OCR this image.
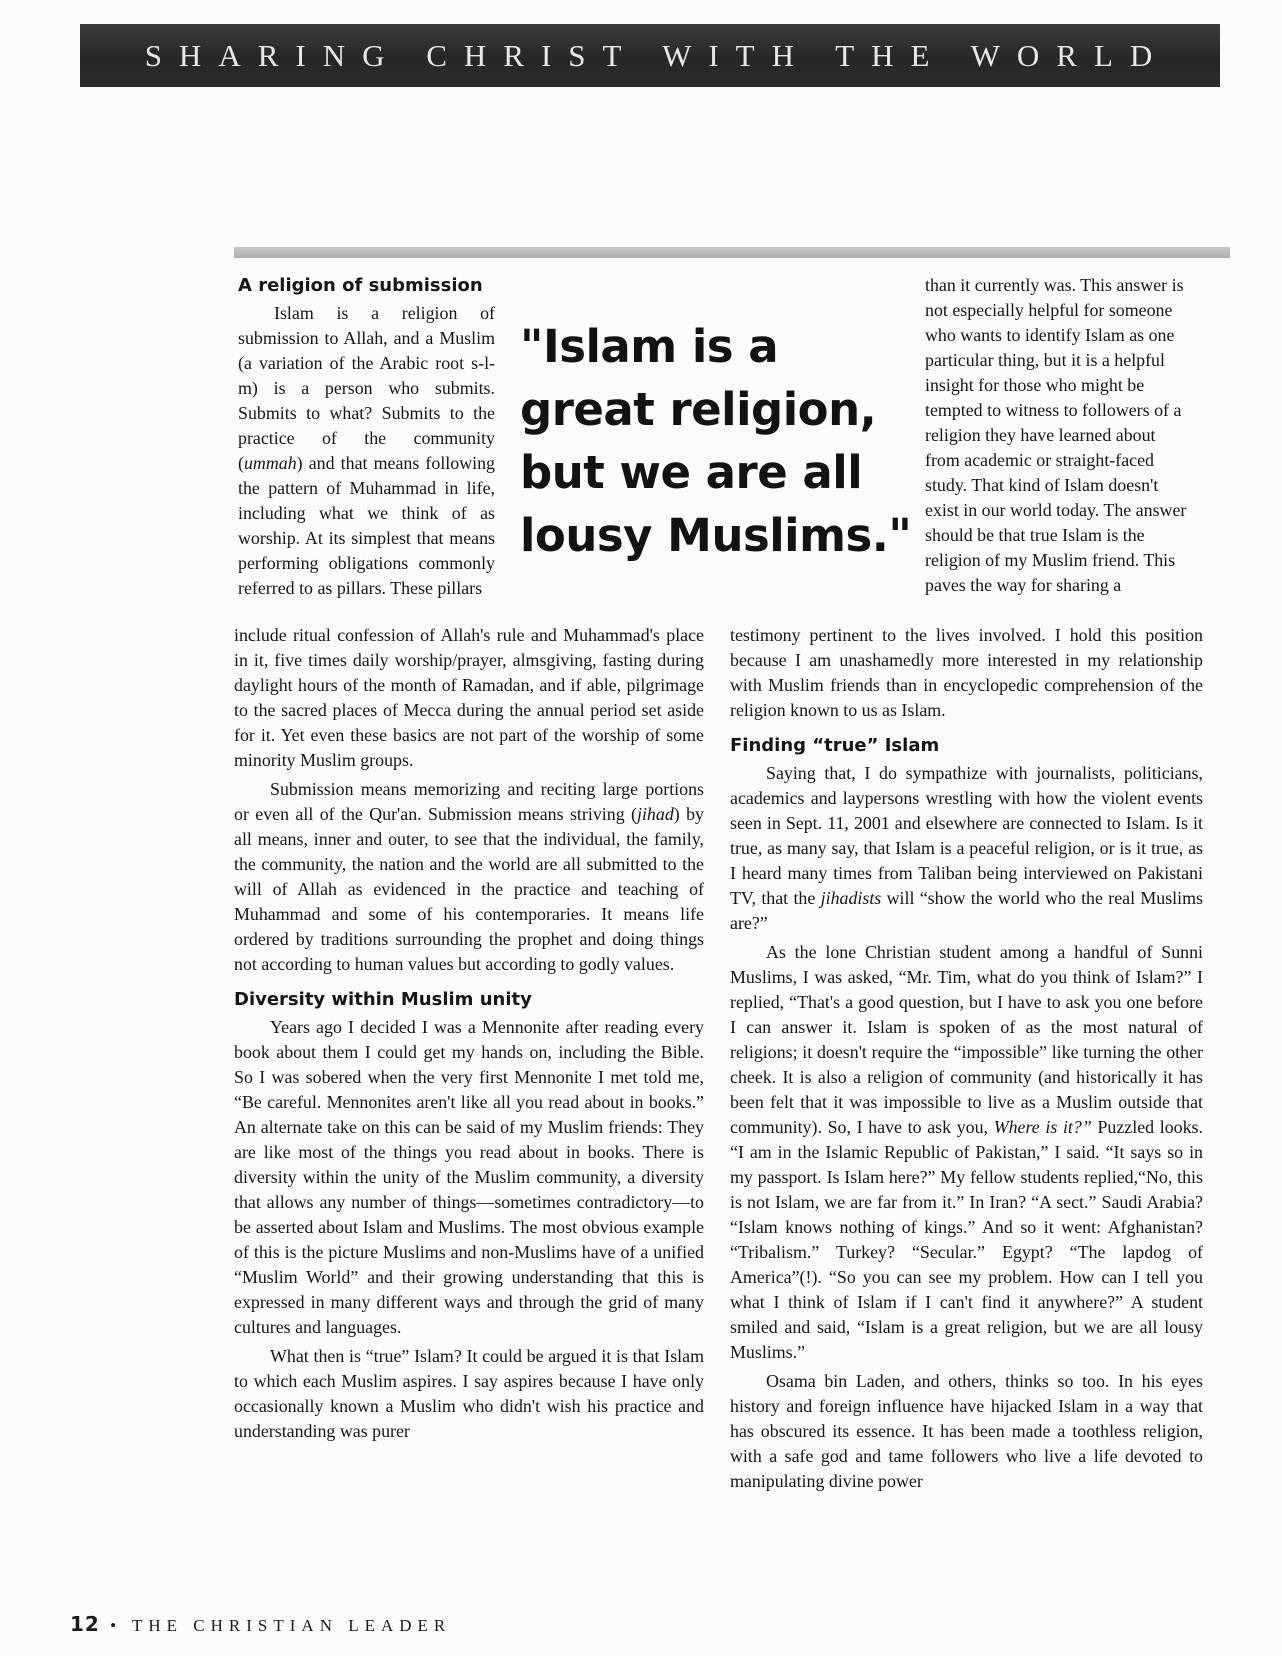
SHARING CHRIST WITH THE WORLD
A religion of submission

Islam is a religion of submission to Allah, and a Muslim (a variation of the Arabic root s-l-m) is a person who submits. Submits to what? Submits to the practice of the community (ummah) and that means following the pattern of Muhammad in life, including what we think of as worship. At its simplest that means performing obligations commonly referred to as pillars. These pillars

"Islam is a
great religion,
but we are all
lousy Muslims."

than it currently was. This answer is not especially helpful for someone who wants to identify Islam as one particular thing, but it is a helpful insight for those who might be tempted to witness to followers of a religion they have learned about from academic or straight-faced study. That kind of Islam doesn't exist in our world today. The answer should be that true Islam is the religion of my Muslim friend. This paves the way for sharing a

include ritual confession of Allah's rule and Muhammad's place in it, five times daily worship/prayer, almsgiving, fasting during daylight hours of the month of Ramadan, and if able, pilgrimage to the sacred places of Mecca during the annual period set aside for it. Yet even these basics are not part of the worship of some minority Muslim groups.

Submission means memorizing and reciting large portions or even all of the Qur'an. Submission means striving (jihad) by all means, inner and outer, to see that the individual, the family, the community, the nation and the world are all submitted to the will of Allah as evidenced in the practice and teaching of Muhammad and some of his contemporaries. It means life ordered by traditions surrounding the prophet and doing things not according to human values but according to godly values.

Diversity within Muslim unity

Years ago I decided I was a Mennonite after reading every book about them I could get my hands on, including the Bible. So I was sobered when the very first Mennonite I met told me, “Be careful. Mennonites aren't like all you read about in books.” An alternate take on this can be said of my Muslim friends: They are like most of the things you read about in books. There is diversity within the unity of the Muslim community, a diversity that allows any number of things—sometimes contradictory—to be asserted about Islam and Muslims. The most obvious example of this is the picture Muslims and non-Muslims have of a unified “Muslim World” and their growing understanding that this is expressed in many different ways and through the grid of many cultures and languages.

What then is “true” Islam? It could be argued it is that Islam to which each Muslim aspires. I say aspires because I have only occasionally known a Muslim who didn't wish his practice and understanding was purer

testimony pertinent to the lives involved. I hold this position because I am unashamedly more interested in my relationship with Muslim friends than in encyclopedic comprehension of the religion known to us as Islam.

Finding “true” Islam

Saying that, I do sympathize with journalists, politicians, academics and laypersons wrestling with how the violent events seen in Sept. 11, 2001 and elsewhere are connected to Islam. Is it true, as many say, that Islam is a peaceful religion, or is it true, as I heard many times from Taliban being interviewed on Pakistani TV, that the jihadists will “show the world who the real Muslims are?”

As the lone Christian student among a handful of Sunni Muslims, I was asked, “Mr. Tim, what do you think of Islam?” I replied, “That's a good question, but I have to ask you one before I can answer it. Islam is spoken of as the most natural of religions; it doesn't require the “impossible” like turning the other cheek. It is also a religion of community (and historically it has been felt that it was impossible to live as a Muslim outside that community). So, I have to ask you, Where is it?” Puzzled looks. “I am in the Islamic Republic of Pakistan,” I said. “It says so in my passport. Is Islam here?” My fellow students replied,“No, this is not Islam, we are far from it.” In Iran? “A sect.” Saudi Arabia? “Islam knows nothing of kings.” And so it went: Afghanistan? “Tribalism.” Turkey? “Secular.” Egypt? “The lapdog of America”(!). “So you can see my problem. How can I tell you what I think of Islam if I can't find it anywhere?” A student smiled and said, “Islam is a great religion, but we are all lousy Muslims.”

Osama bin Laden, and others, thinks so too. In his eyes history and foreign influence have hijacked Islam in a way that has obscured its essence. It has been made a toothless religion, with a safe god and tame followers who live a life devoted to manipulating divine power

12 • THE CHRISTIAN LEADER
